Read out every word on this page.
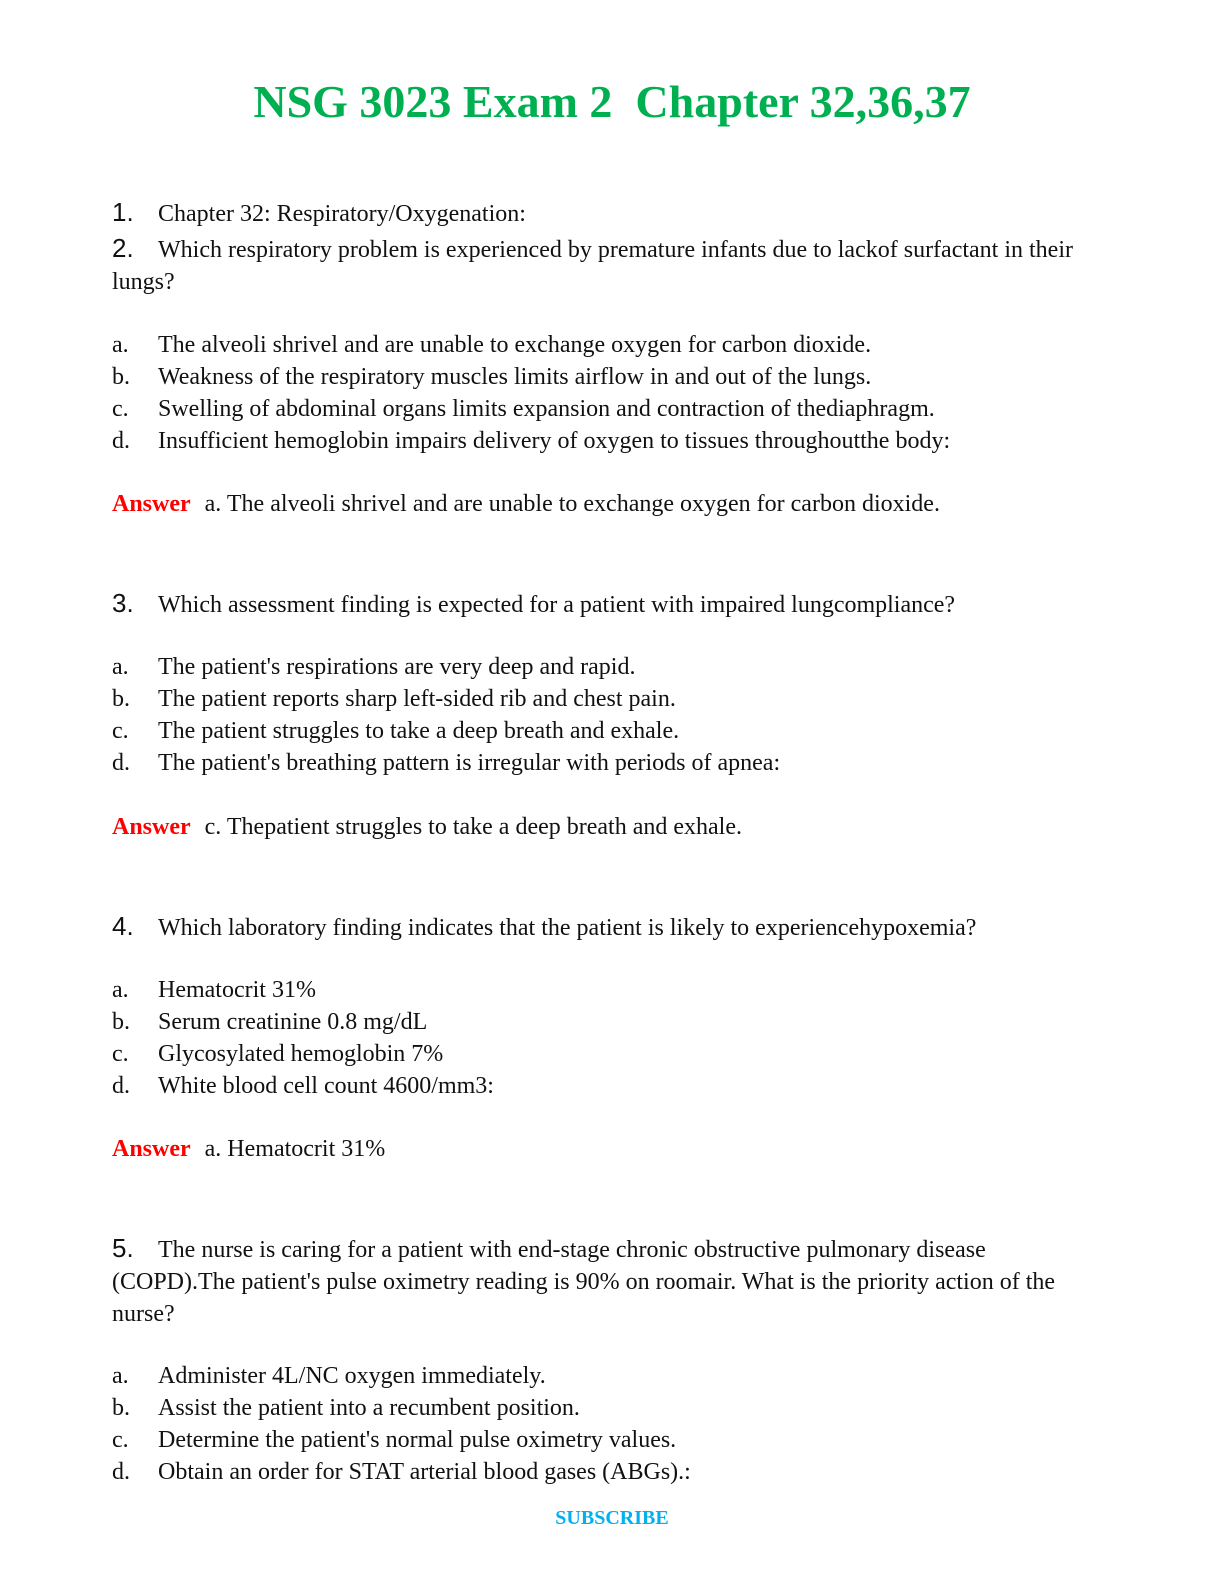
NSG 3023 Exam 2  Chapter 32,36,37
1. Chapter 32: Respiratory/Oxygenation:
2. Which respiratory problem is experienced by premature infants due to lackof surfactant in their lungs?
a. The alveoli shrivel and are unable to exchange oxygen for carbon dioxide.
b. Weakness of the respiratory muscles limits airflow in and out of the lungs.
c. Swelling of abdominal organs limits expansion and contraction of thediaphragm.
d. Insufficient hemoglobin impairs delivery of oxygen to tissues throughoutthe body:
Answer a. The alveoli shrivel and are unable to exchange oxygen for carbon dioxide.
3. Which assessment finding is expected for a patient with impaired lungcompliance?
a. The patient's respirations are very deep and rapid.
b. The patient reports sharp left-sided rib and chest pain.
c. The patient struggles to take a deep breath and exhale.
d. The patient's breathing pattern is irregular with periods of apnea:
Answer c. Thepatient struggles to take a deep breath and exhale.
4. Which laboratory finding indicates that the patient is likely to experiencehypoxemia?
a. Hematocrit 31%
b. Serum creatinine 0.8 mg/dL
c. Glycosylated hemoglobin 7%
d. White blood cell count 4600/mm3:
Answer a. Hematocrit 31%
5. The nurse is caring for a patient with end-stage chronic obstructive pulmonary disease (COPD).The patient's pulse oximetry reading is 90% on roomair. What is the priority action of the nurse?
a. Administer 4L/NC oxygen immediately.
b. Assist the patient into a recumbent position.
c. Determine the patient's normal pulse oximetry values.
d. Obtain an order for STAT arterial blood gases (ABGs).:
SUBSCRIBE
